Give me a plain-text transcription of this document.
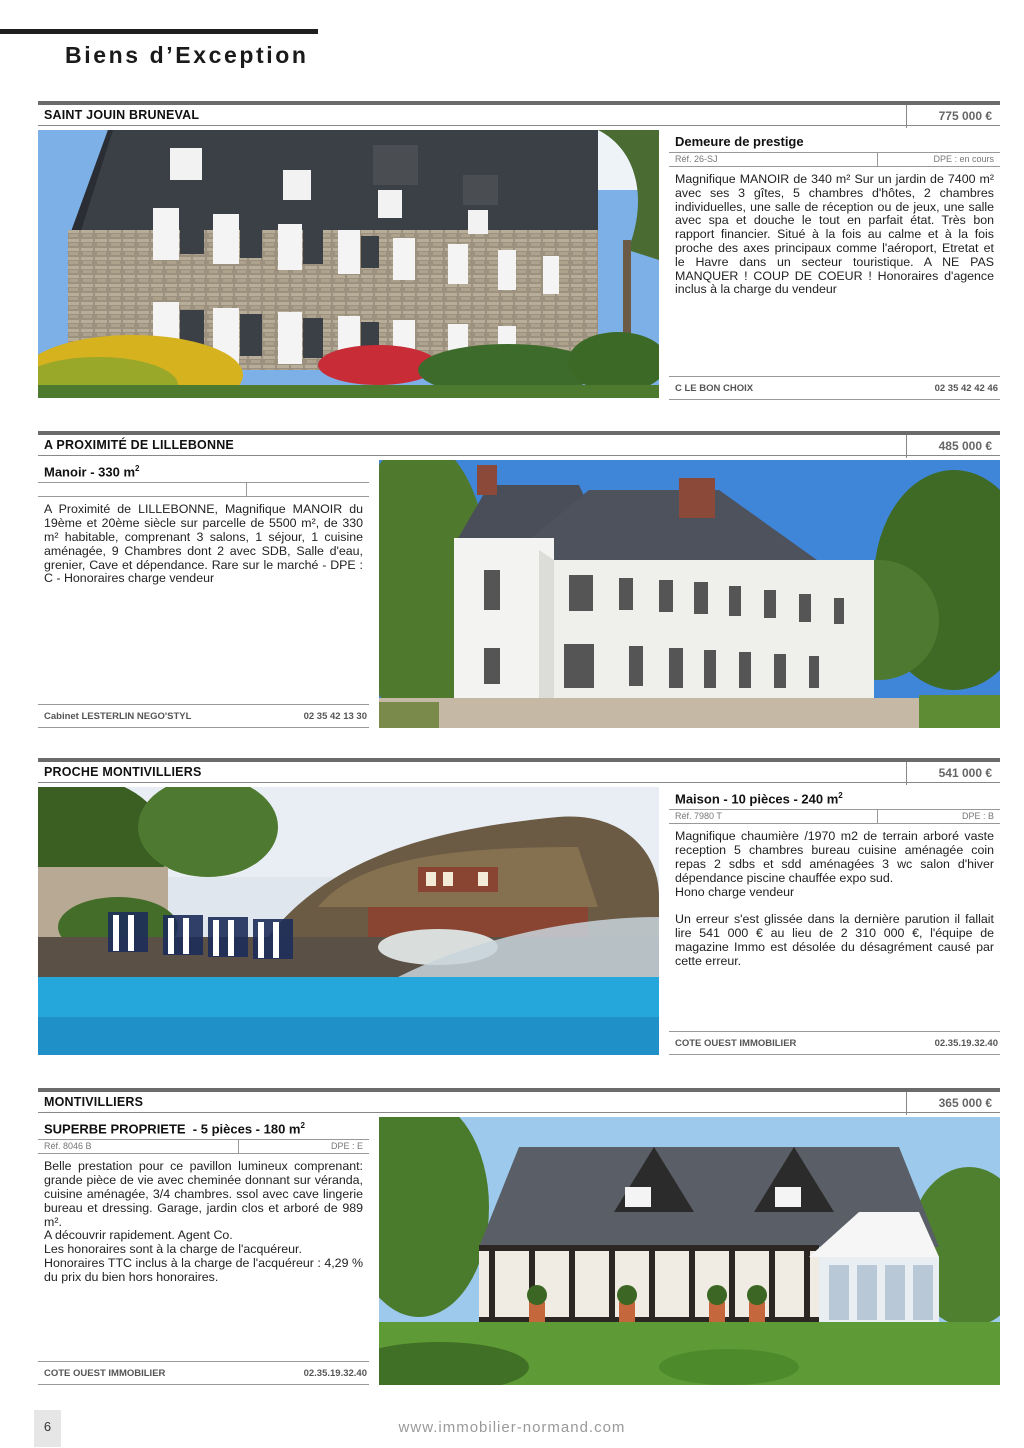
Biens d’Exception
SAINT JOUIN BRUNEVAL	775 000 €
Demeure de prestige
Réf. 26-SJ	DPE : en cours
Magnifique MANOIR de 340 m² Sur un jardin de 7400 m² avec ses 3 gîtes, 5 chambres d'hôtes, 2 chambres individuelles, une salle de réception ou de jeux, une salle avec spa et douche le tout en parfait état. Très bon rapport financier. Situé à la fois au calme et à la fois proche des axes principaux comme l'aéroport, Etretat et le Havre dans un secteur touristique. A NE PAS MANQUER ! COUP DE COEUR ! Honoraires d'agence inclus à la charge du vendeur
C LE BON CHOIX	02 35 42 42 46
A PROXIMITÉ DE LILLEBONNE	485 000 €
Manoir - 330 $m^2$
A Proximité de LILLEBONNE, Magnifique MANOIR du 19ème et 20ème siècle sur parcelle de 5500 m², de 330 m² habitable, comprenant 3 salons, 1 séjour, 1 cuisine aménagée, 9 Chambres dont 2 avec SDB, Salle d'eau, grenier, Cave et dépendance. Rare sur le marché - DPE : C - Honoraires charge vendeur
Cabinet LESTERLIN NEGO'STYL	02 35 42 13 30
PROCHE MONTIVILLIERS	541 000 €
Maison - 10 pièces - 240 $m^2$
Réf. 7980 T	DPE : B

Magnifique chaumière /1970 m2 de terrain arboré vaste reception 5 chambres bureau cuisine aménagée coin repas 2 sdbs et sdd aménagées 3 wc salon d'hiver dépendance piscine chauffée expo sud.
Hono charge vendeur

Un erreur s'est glissée dans la dernière parution il fallait lire 541 000 € au lieu de 2 310 000 €, l'équipe de magazine Immo est désolée du désagrément causé par cette erreur.

COTE OUEST IMMOBILIER	02.35.19.32.40
MONTIVILLIERS	365 000 €
SUPERBE PROPRIETE  - 5 pièces - 180 $m^2$
Réf. 8046 B	DPE : E
Belle prestation pour ce pavillon lumineux comprenant: grande pièce de vie avec cheminée donnant sur véranda, cuisine aménagée, 3/4 chambres. ssol avec cave lingerie bureau et dressing. Garage, jardin clos et arboré de 989 m².
A découvrir rapidement. Agent Co.
Les honoraires sont à la charge de l'acquéreur.
Honoraires TTC inclus à la charge de l'acquéreur : 4,29 % du prix du bien hors honoraires.
COTE OUEST IMMOBILIER	02.35.19.32.40
6	www.immobilier-normand.com
